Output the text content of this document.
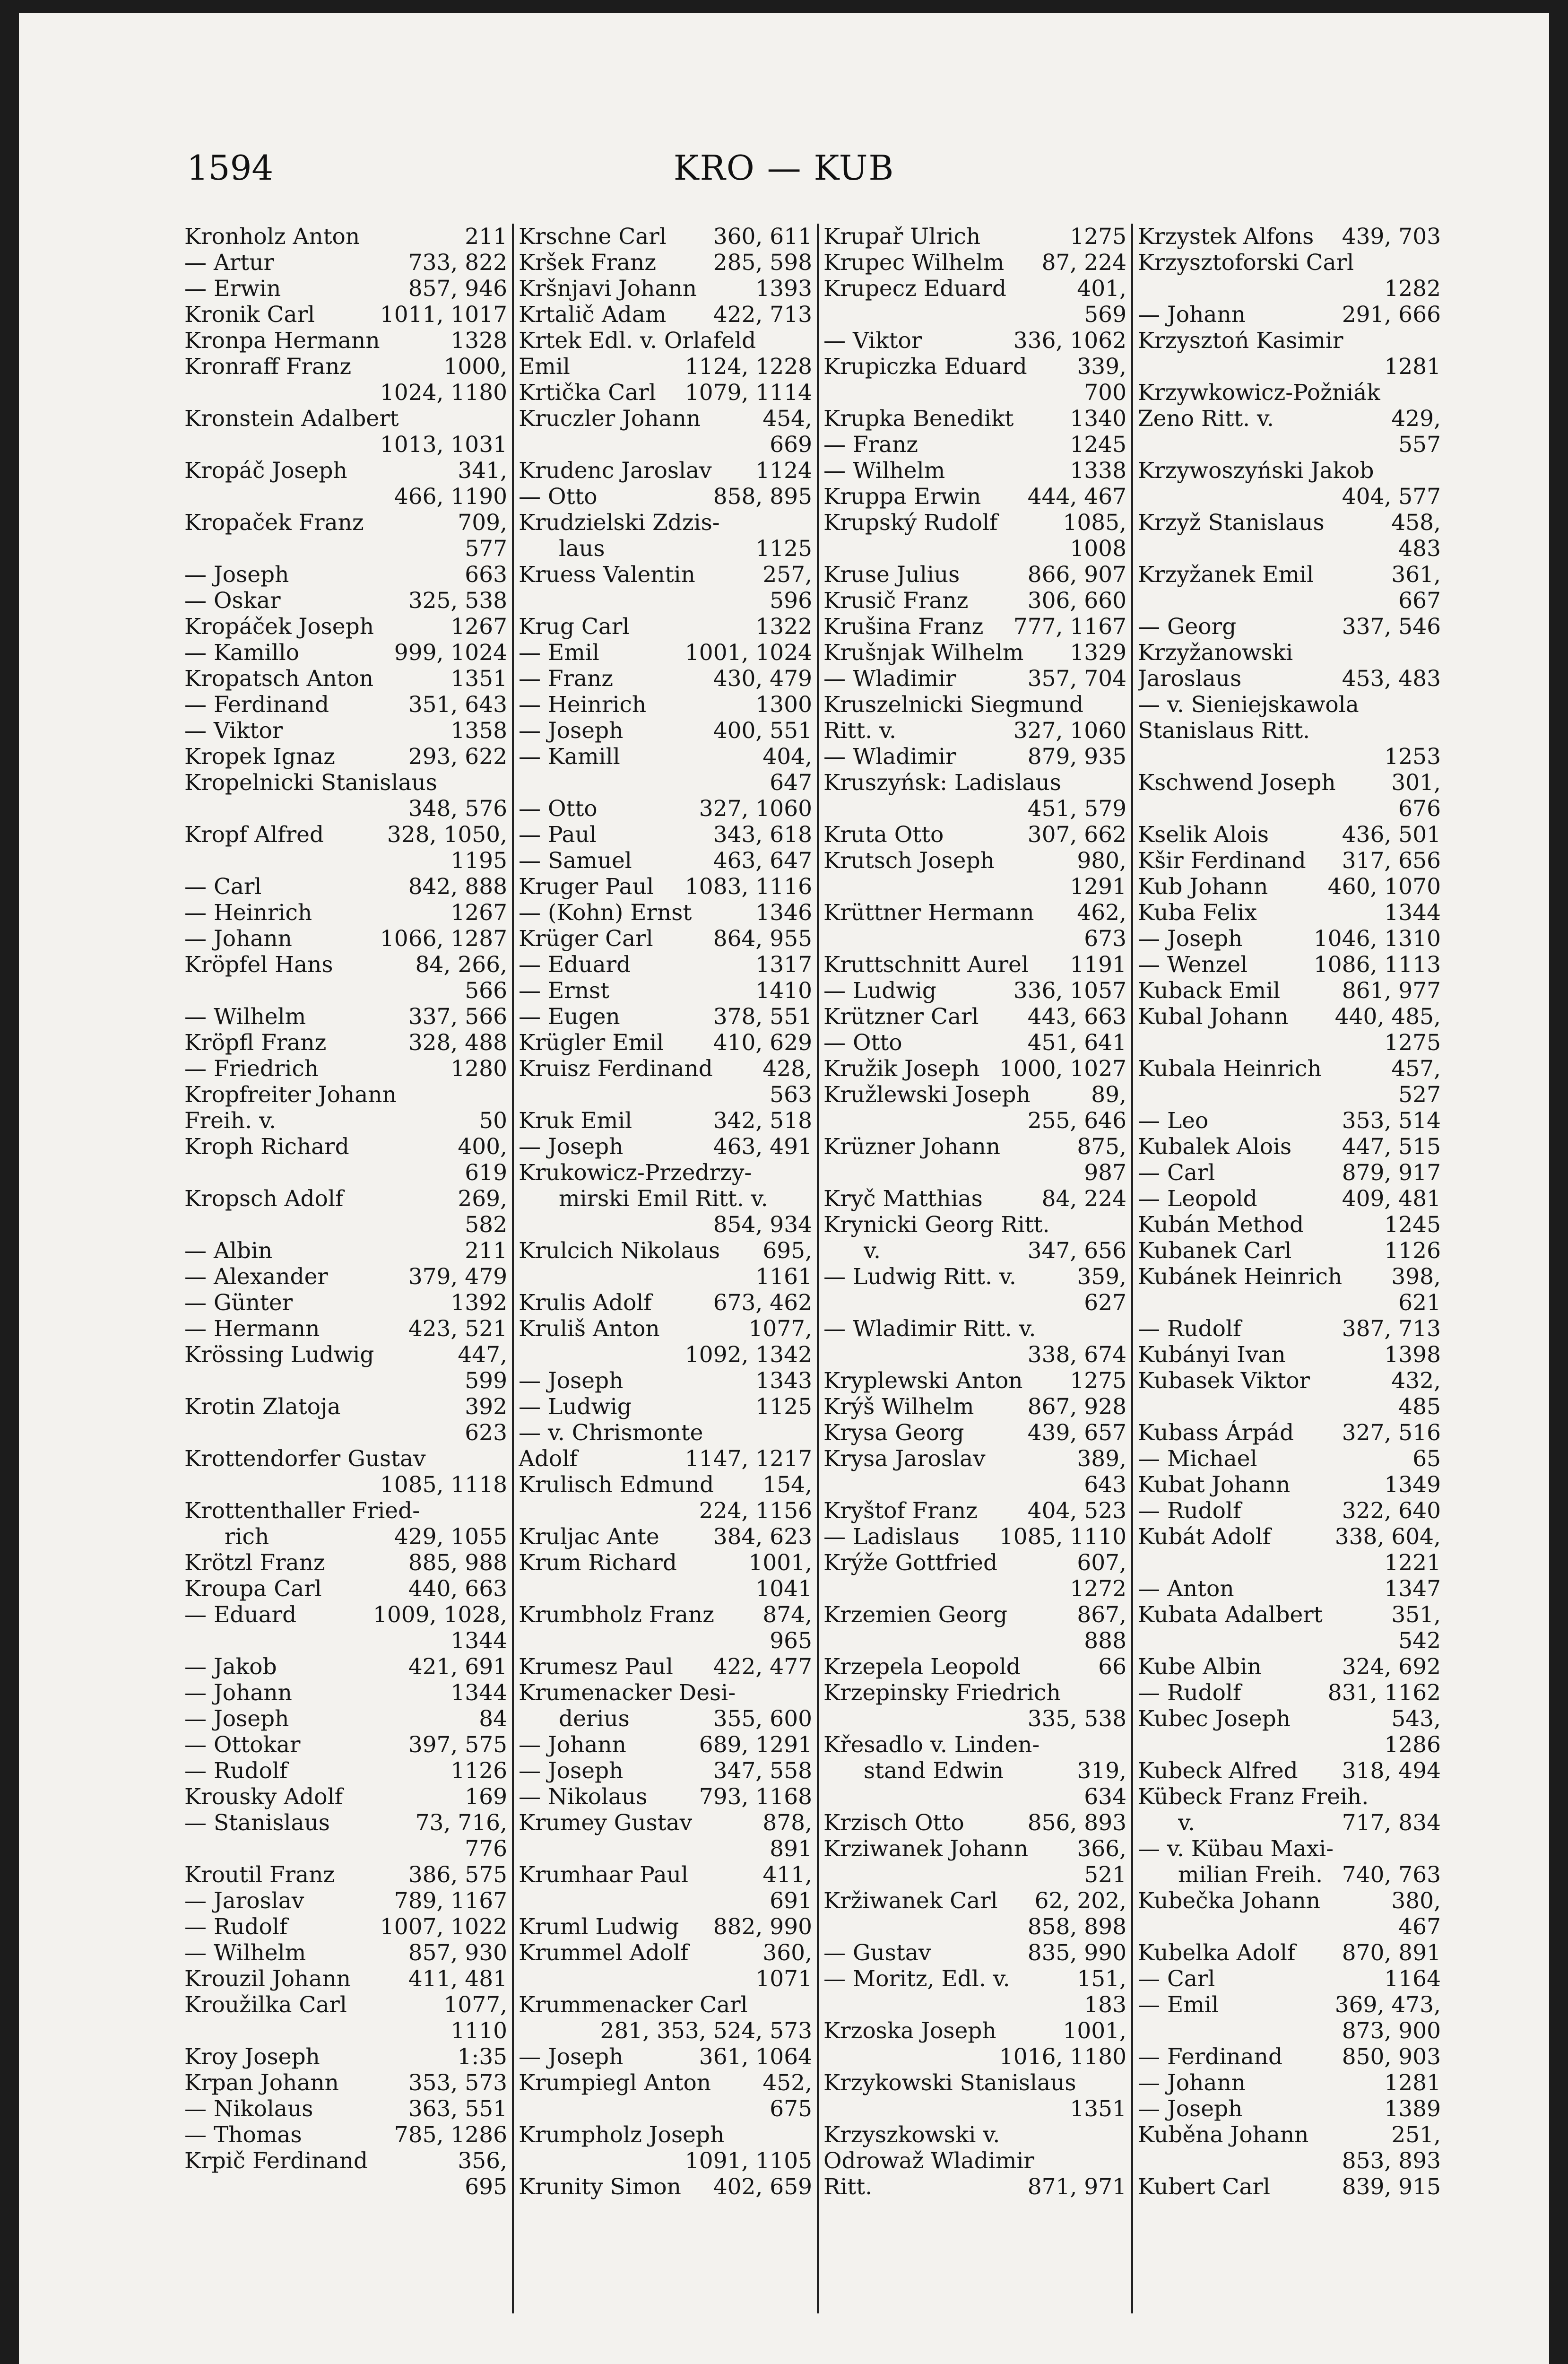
1594	KRO — KUB
Kronholz Anton	211
— Artur	733, 822
— Erwin	857, 946
Kronik Carl	1011, 1017
Kronpa Hermann	1328
Kronraff Franz	1000,
1024, 1180
Kronstein Adalbert
1013, 1031
Kropáč Joseph	341,
466, 1190
Kropaček Franz	709,
577
— Joseph	663
— Oskar	325, 538
Kropáček Joseph	1267
— Kamillo	999, 1024
Kropatsch Anton	1351
— Ferdinand	351, 643
— Viktor	1358
Kropek Ignaz	293, 622
Kropelnicki Stanislaus
348, 576
Kropf Alfred	328, 1050,
1195
— Carl	842, 888
— Heinrich	1267
— Johann	1066, 1287
Kröpfel Hans	84, 266,
566
— Wilhelm	337, 566
Kröpfl Franz	328, 488
— Friedrich	1280
Kropfreiter Johann
Freih. v.	50
Kroph Richard	400,
619
Kropsch Adolf	269,
582
— Albin	211
— Alexander	379, 479
— Günter	1392
— Hermann	423, 521
Krössing Ludwig	447,
599
Krotin Zlatoja	392
623
Krottendorfer Gustav
1085, 1118
Krottenthaller Fried-
rich	429, 1055
Krötzl Franz	885, 988
Kroupa Carl	440, 663
— Eduard	1009, 1028,
1344
— Jakob	421, 691
— Johann	1344
— Joseph	84
— Ottokar	397, 575
— Rudolf	1126
Krousky Adolf	169
— Stanislaus	73, 716,
776
Kroutil Franz	386, 575
— Jaroslav	789, 1167
— Rudolf	1007, 1022
— Wilhelm	857, 930
Krouzil Johann	411, 481
Kroužilka Carl	1077,
1110
Kroy Joseph	1:35
Krpan Johann	353, 573
— Nikolaus	363, 551
— Thomas	785, 1286
Krpič Ferdinand	356,
695
Krschne Carl	360, 611
Kršek Franz	285, 598
Kršnjavi Johann	1393
Krtalič Adam	422, 713
Krtek Edl. v. Orlafeld
Emil	1124, 1228
Krtička Carl	1079, 1114
Kruczler Johann	454,
669
Krudenc Jaroslav	1124
— Otto	858, 895
Krudzielski Zdzis-
laus	1125
Kruess Valentin	257,
596
Krug Carl	1322
— Emil	1001, 1024
— Franz	430, 479
— Heinrich	1300
— Joseph	400, 551
— Kamill	404,
647
— Otto	327, 1060
— Paul	343, 618
— Samuel	463, 647
Kruger Paul	1083, 1116
— (Kohn) Ernst	1346
Krüger Carl	864, 955
— Eduard	1317
— Ernst	1410
— Eugen	378, 551
Krügler Emil	410, 629
Kruisz Ferdinand	428,
563
Kruk Emil	342, 518
— Joseph	463, 491
Krukowicz-Przedrzy-
mirski Emil Ritt. v.
854, 934
Krulcich Nikolaus	695,
1161
Krulis Adolf	673, 462
Kruliš Anton	1077,
1092, 1342
— Joseph	1343
— Ludwig	1125
— v. Chrismonte
Adolf	1147, 1217
Krulisch Edmund	154,
224, 1156
Kruljac Ante	384, 623
Krum Richard	1001,
1041
Krumbholz Franz	874,
965
Krumesz Paul	422, 477
Krumenacker Desi-
derius	355, 600
— Johann	689, 1291
— Joseph	347, 558
— Nikolaus	793, 1168
Krumey Gustav	878,
891
Krumhaar Paul	411,
691
Kruml Ludwig	882, 990
Krummel Adolf	360,
1071
Krummenacker Carl
281, 353, 524, 573
— Joseph	361, 1064
Krumpiegl Anton	452,
675
Krumpholz Joseph
1091, 1105
Krunity Simon	402, 659
Krupař Ulrich	1275
Krupec Wilhelm	87, 224
Krupecz Eduard	401,
569
— Viktor	336, 1062
Krupiczka Eduard	339,
700
Krupka Benedikt	1340
— Franz	1245
— Wilhelm	1338
Kruppa Erwin	444, 467
Krupský Rudolf	1085,
1008
Kruse Julius	866, 907
Krusič Franz	306, 660
Krušina Franz	777, 1167
Krušnjak Wilhelm	1329
— Wladimir	357, 704
Kruszelnicki Siegmund
Ritt. v.	327, 1060
— Wladimir	879, 935
Kruszyńsk: Ladislaus
451, 579
Kruta Otto	307, 662
Krutsch Joseph	980,
1291
Krüttner Hermann	462,
673
Kruttschnitt Aurel	1191
— Ludwig	336, 1057
Krützner Carl	443, 663
— Otto	451, 641
Kružik Joseph 1000, 1027
Kružlewski Joseph	89,
255, 646
Krüzner Johann	875,
987
Kryč Matthias	84, 224
Krynicki Georg Ritt.
v.	347, 656
— Ludwig Ritt. v.	359,
627
— Wladimir Ritt. v.
338, 674
Kryplewski Anton	1275
Krýš Wilhelm	867, 928
Krysa Georg	439, 657
Krysa Jaroslav	389,
643
Kryštof Franz	404, 523
— Ladislaus	1085, 1110
Krýže Gottfried	607,
1272
Krzemien Georg	867,
888
Krzepela Leopold	66
Krzepinsky Friedrich
335, 538
Křesadlo v. Linden-
stand Edwin	319,
634
Krzisch Otto	856, 893
Krziwanek Johann	366,
521
Kržiwanek Carl	62, 202,
858, 898
— Gustav	835, 990
— Moritz, Edl. v.	151,
183
Krzoska Joseph	1001,
1016, 1180
Krzykowski Stanislaus
1351
Krzyszkowski v.
Odrowaž Wladimir
Ritt.	871, 971
Krzystek Alfons	439, 703
Krzysztoforski Carl
1282
— Johann	291, 666
Krzysztoń Kasimir
1281
Krzywkowicz-Požniák
Zeno Ritt. v.	429,
557
Krzywoszyński Jakob
404, 577
Krzyž Stanislaus	458,
483
Krzyžanek Emil	361,
667
— Georg	337, 546
Krzyžanowski
Jaroslaus	453, 483
— v. Sieniejskawola
Stanislaus Ritt.
1253
Kschwend Joseph	301,
676
Kselik Alois	436, 501
Kšir Ferdinand	317, 656
Kub Johann	460, 1070
Kuba Felix	1344
— Joseph	1046, 1310
— Wenzel	1086, 1113
Kuback Emil	861, 977
Kubal Johann	440, 485,
1275
Kubala Heinrich	457,
527
— Leo	353, 514
Kubalek Alois	447, 515
— Carl	879, 917
— Leopold	409, 481
Kubán Method	1245
Kubanek Carl	1126
Kubánek Heinrich	398,
621
— Rudolf	387, 713
Kubányi Ivan	1398
Kubasek Viktor	432,
485
Kubass Árpád	327, 516
— Michael	65
Kubat Johann	1349
— Rudolf	322, 640
Kubát Adolf	338, 604,
1221
— Anton	1347
Kubata Adalbert	351,
542
Kube Albin	324, 692
— Rudolf	831, 1162
Kubec Joseph	543,
1286
Kubeck Alfred	318, 494
Kübeck Franz Freih.
v.	717, 834
— v. Kübau Maxi-
milian Freih. 740, 763
Kubečka Johann	380,
467
Kubelka Adolf	870, 891
— Carl	1164
— Emil	369, 473,
873, 900
— Ferdinand	850, 903
— Johann	1281
— Joseph	1389
Kuběna Johann	251,
853, 893
Kubert Carl	839, 915
